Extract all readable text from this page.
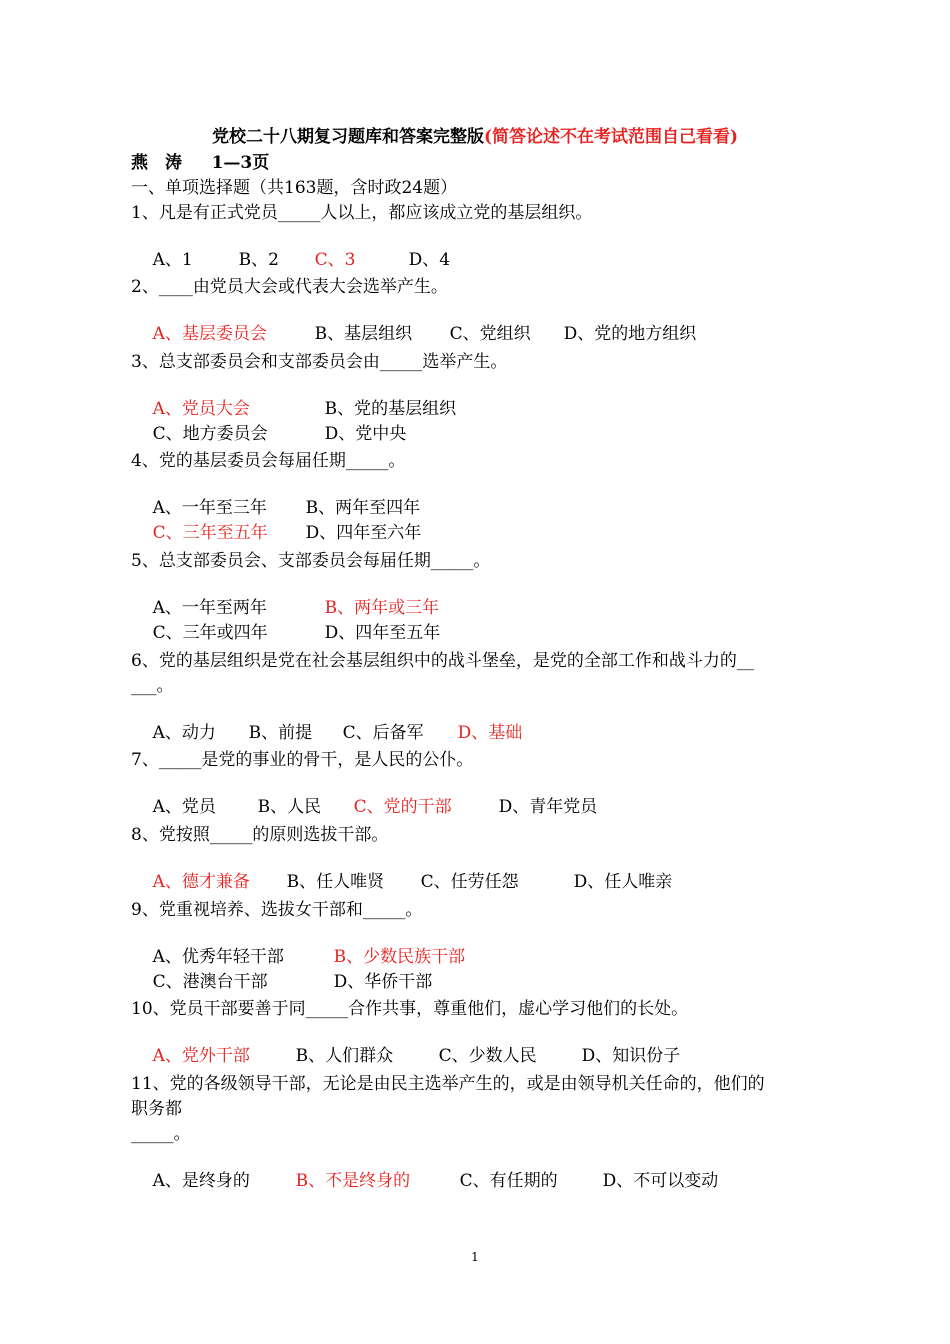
党校二十八期复习题库和答案完整版(简答论述不在考试范围自己看看)
燕　涛 1—3页
一、单项选择题（共163题，含时政24题）
1、凡是有正式党员_____人以上，都应该成立党的基层组织。

A、1	B、2 C、3	D、4

2、____由党员大会或代表大会选举产生。

A、基层委员会	B、基层组织 C、党组织 D、党的地方组织

3、总支部委员会和支部委员会由_____选举产生。

A、党员大会	B、党的基层组织

C、地方委员会	D、党中央

4、党的基层委员会每届任期_____。

A、一年至三年 B、两年至四年

C、三年至五年 D、四年至六年

5、总支部委员会、支部委员会每届任期_____。

A、一年至两年	B、两年或三年

C、三年或四年	D、四年至五年

6、党的基层组织是党在社会基层组织中的战斗堡垒，是党的全部工作和战斗力的__
___。

A、动力 B、前提 C、后备军 D、基础

7、_____是党的事业的骨干，是人民的公仆。

A、党员 B、人民 C、党的干部	D、青年党员

8、党按照_____的原则选拔干部。

A、德才兼备 B、任人唯贤 C、任劳任怨	D、任人唯亲

9、党重视培养、选拔女干部和_____。

A、优秀年轻干部	B、少数民族干部

C、港澳台干部	D、华侨干部

10、党员干部要善于同_____合作共事，尊重他们，虚心学习他们的长处。

A、党外干部	B、人们群众	C、少数人民	D、知识份子

11、党的各级领导干部，无论是由民主选举产生的，或是由领导机关任命的，他们的
职务都
_____。

A、是终身的	B、不是终身的	C、有任期的	D、不可以变动

1
